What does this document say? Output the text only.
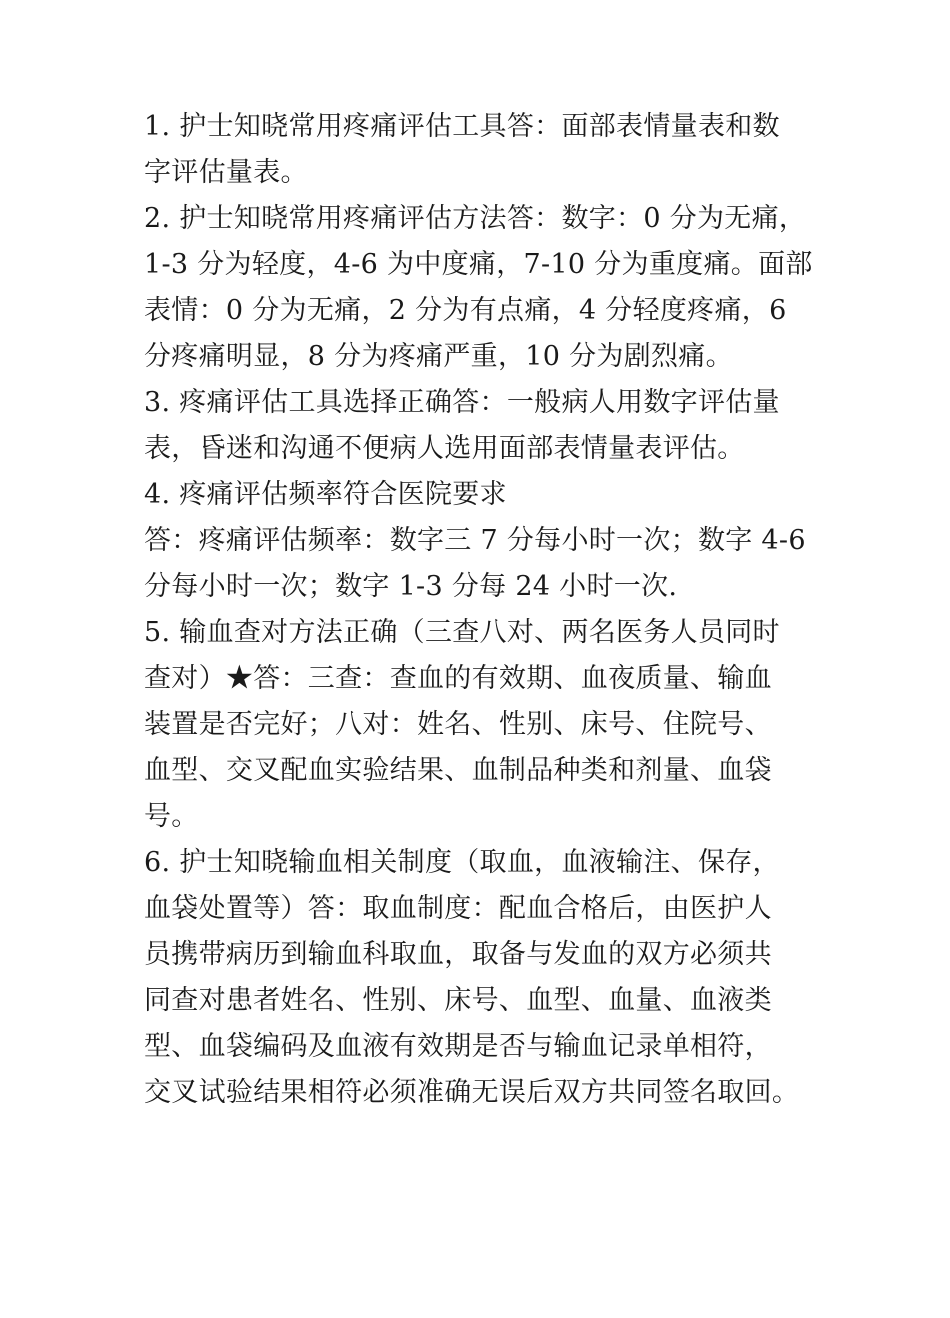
1. 护士知晓常用疼痛评估工具答：面部表情量表和数
字评估量表。
2. 护士知晓常用疼痛评估方法答：数字：0 分为无痛，
1-3 分为轻度，4-6 为中度痛，7-10 分为重度痛。面部
表情：0 分为无痛，2 分为有点痛，4 分轻度疼痛，6
分疼痛明显，8 分为疼痛严重，10 分为剧烈痛。
3. 疼痛评估工具选择正确答：一般病人用数字评估量
表，昏迷和沟通不便病人选用面部表情量表评估。
4. 疼痛评估频率符合医院要求
答：疼痛评估频率：数字三 7 分每小时一次；数字 4-6
分每小时一次；数字 1-3 分每 24 小时一次.
5. 输血查对方法正确（三查八对、两名医务人员同时
查对）★答：三查：查血的有效期、血夜质量、输血
装置是否完好；八对：姓名、性别、床号、住院号、
血型、交叉配血实验结果、血制品种类和剂量、血袋
号。
6. 护士知晓输血相关制度（取血，血液输注、保存，
血袋处置等）答：取血制度：配血合格后，由医护人
员携带病历到输血科取血，取备与发血的双方必须共
同查对患者姓名、性别、床号、血型、血量、血液类
型、血袋编码及血液有效期是否与输血记录单相符，
交叉试验结果相符必须准确无误后双方共同签名取回。
